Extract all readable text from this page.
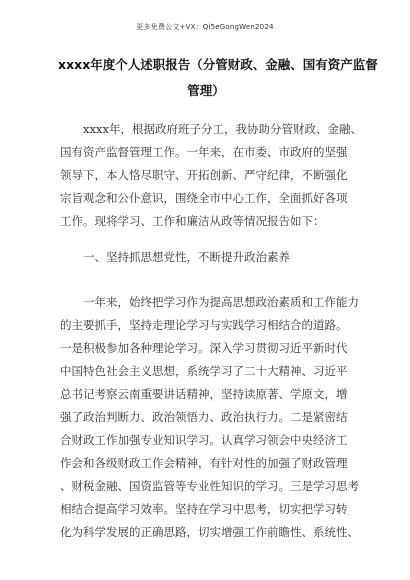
更多免费公文+VX：Qi5eGongWen2024
xxxx年度个人述职报告（分管财政、金融、国有资产监督
管理）
　　xxxx年，根据政府班子分工，我协助分管财政、金融、
国有资产监督管理工作。一年来，在市委、市政府的坚强
领导下，本人恪尽职守、开拓创新、严守纪律，不断强化
宗旨观念和公仆意识，围绕全市中心工作，全面抓好各项
工作。现将学习、工作和廉洁从政等情况报告如下：
　　一、坚持抓思想党性，不断提升政治素养
　　一年来，始终把学习作为提高思想政治素质和工作能力
的主要抓手，坚持走理论学习与实践学习相结合的道路。
一是积极参加各种理论学习。深入学习贯彻习近平新时代
中国特色社会主义思想，系统学习了二十大精神、习近平
总书记考察云南重要讲话精神，坚持读原著、学原文，增
强了政治判断力、政治领悟力、政治执行力。二是紧密结
合财政工作加强专业知识学习。认真学习领会中央经济工
作会和各级财政工作会精神，有针对性的加强了财政管理
、财税金融、国资监管等专业性知识的学习。三是学习思考
相结合提高学习效率。坚持在学习中思考，切实把学习转
化为科学发展的正确思路，切实增强工作前瞻性、系统性、
